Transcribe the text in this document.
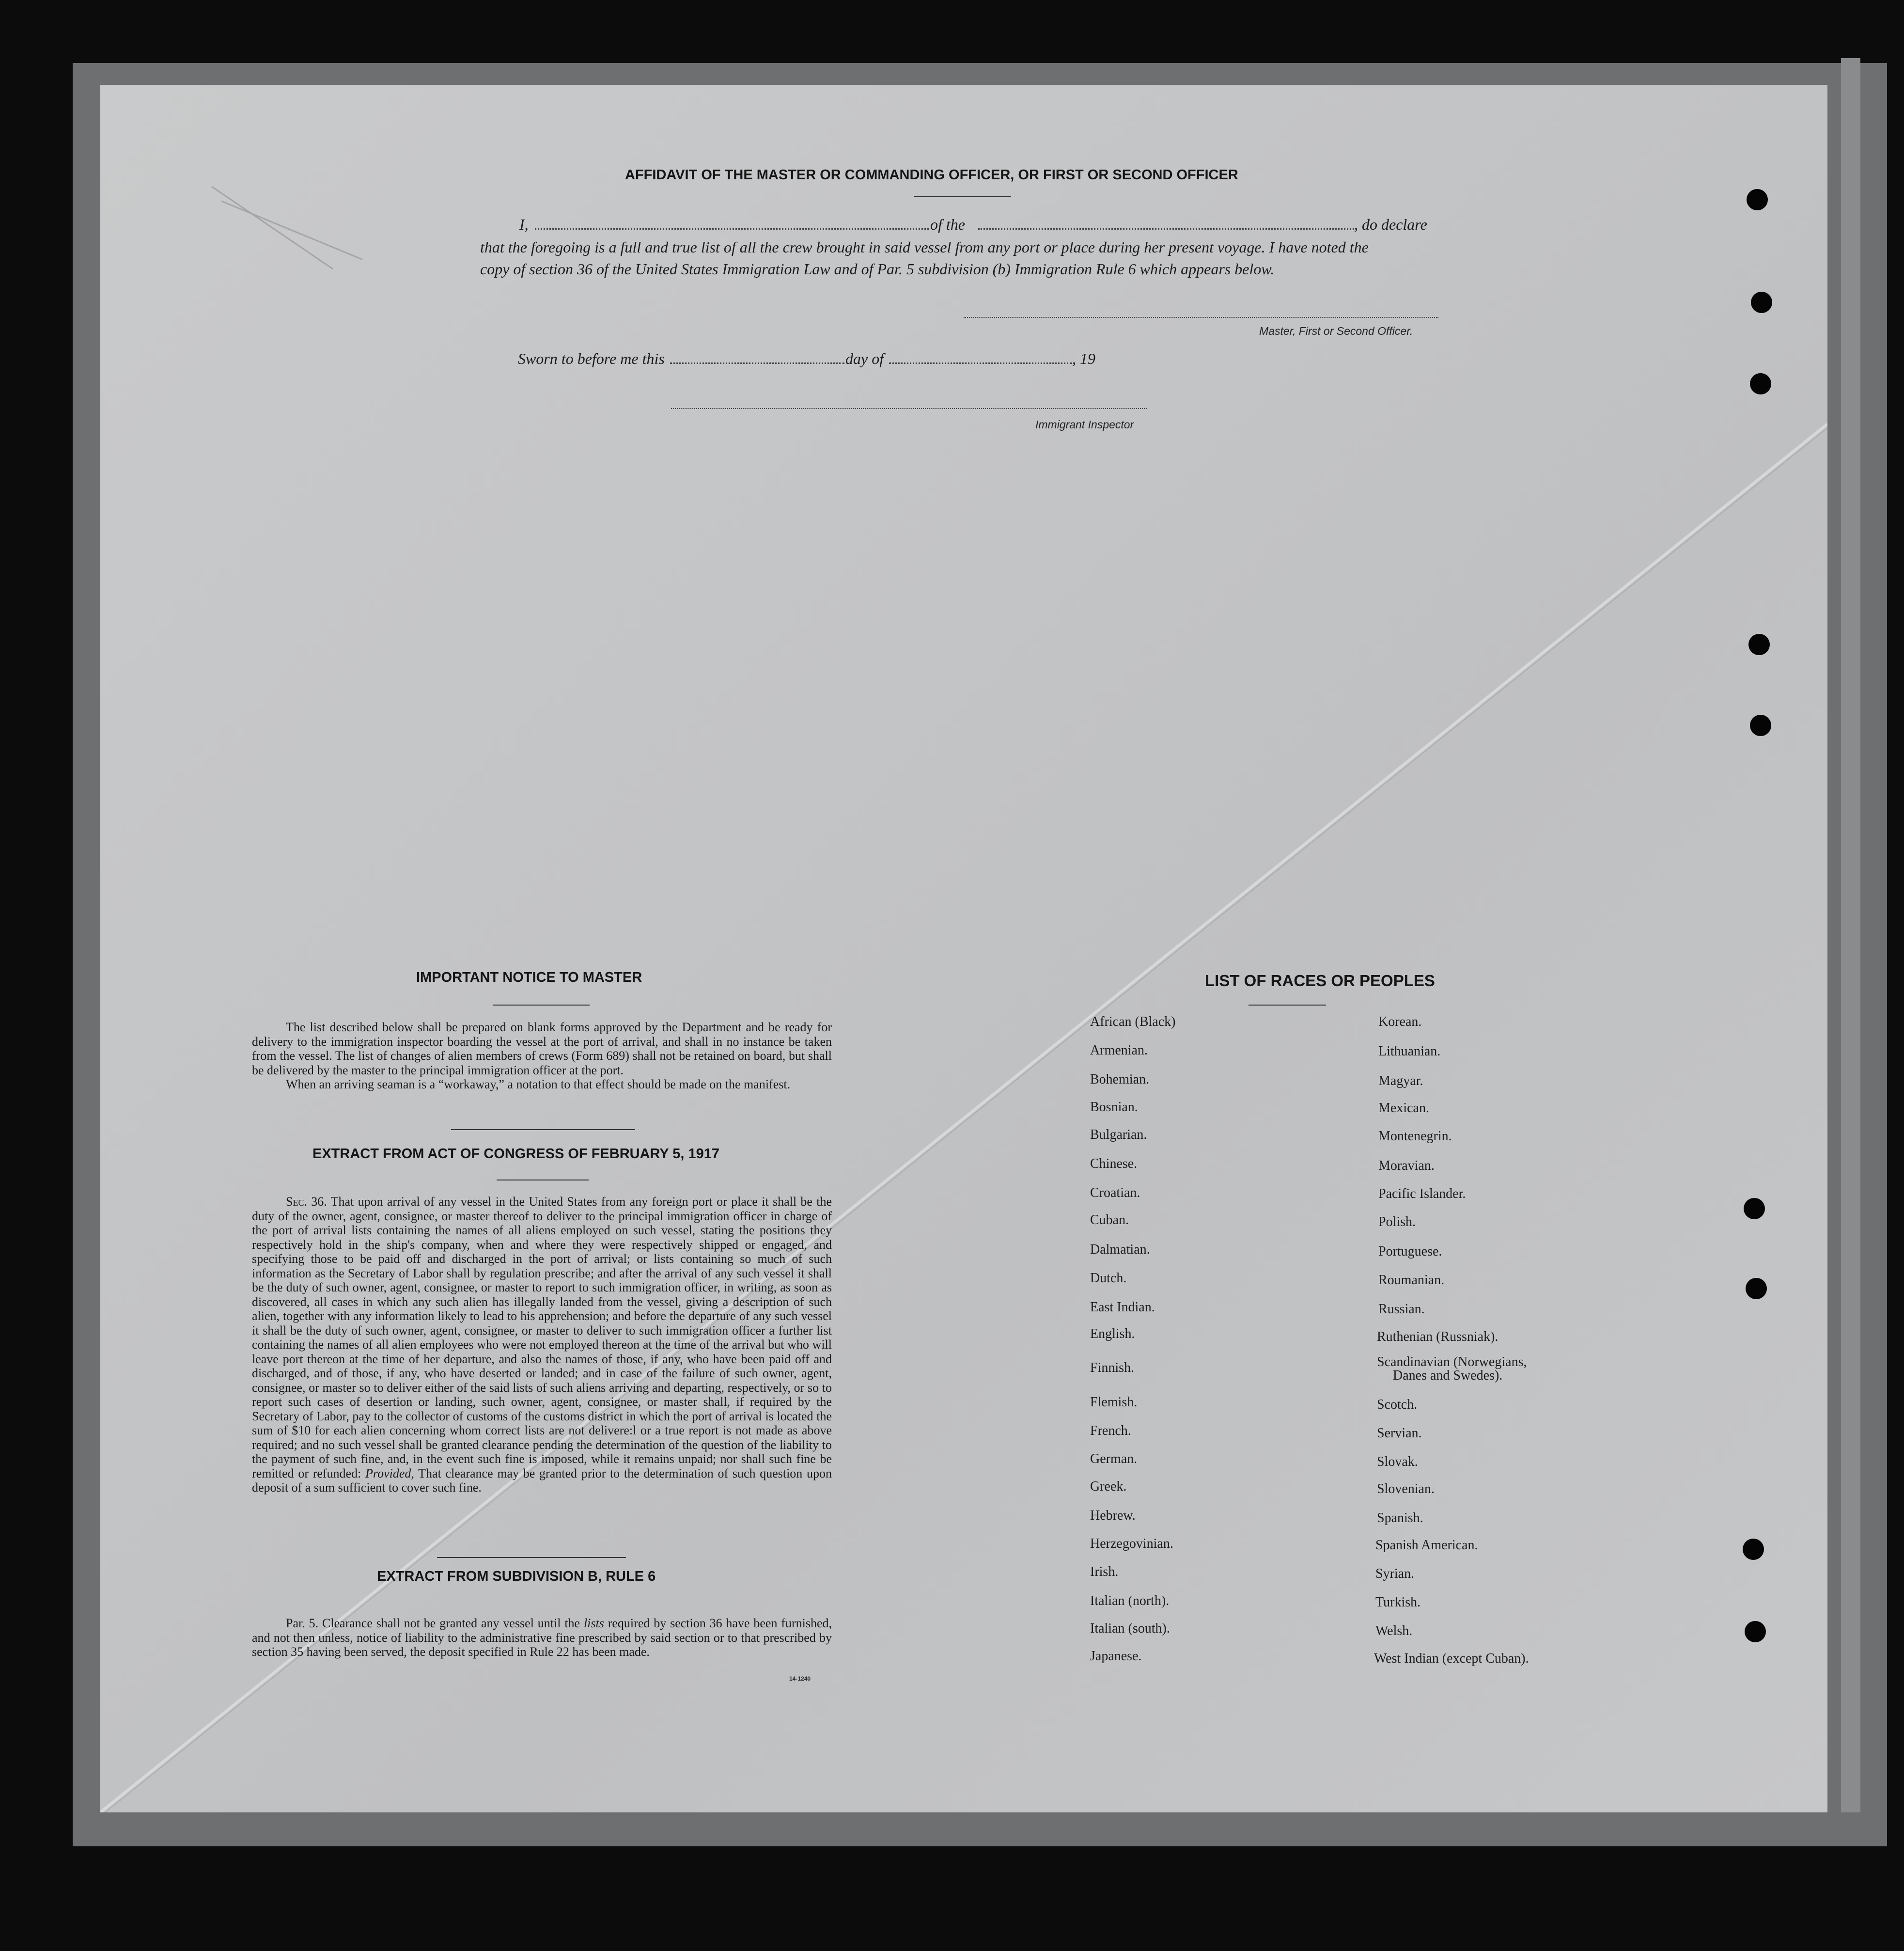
AFFIDAVIT OF THE MASTER OR COMMANDING OFFICER, OR FIRST OR SECOND OFFICER
I,	of the	, do declare
that the foregoing is a full and true list of all the crew brought in said vessel from any port or place during her present voyage. I have noted the
copy of section 36 of the United States Immigration Law and of Par. 5 subdivision (b) Immigration Rule 6 which appears below.
Master, First or Second Officer.
Sworn to before me this	day of	, 19
Immigrant Inspector
IMPORTANT NOTICE TO MASTER

The list described below shall be prepared on blank forms approved by the Department and be ready for delivery to the immigration inspector boarding the vessel at the port of arrival, and shall in no instance be taken from the vessel. The list of changes of alien members of crews (Form 689) shall not be retained on board, but shall be delivered by the master to the principal immigration officer at the port.

When an arriving seaman is a “workaway,” a notation to that effect should be made on the manifest.

EXTRACT FROM ACT OF CONGRESS OF FEBRUARY 5, 1917

Sec. 36. That upon arrival of any vessel in the United States from any foreign port or place it shall be the duty of the owner, agent, consignee, or master thereof to deliver to the principal immigration officer in charge of the port of arrival lists containing the names of all aliens employed on such vessel, stating the positions they respectively hold in the ship's company, when and where they were respectively shipped or engaged, and specifying those to be paid off and discharged in the port of arrival; or lists containing so much of such information as the Secretary of Labor shall by regulation prescribe; and after the arrival of any such vessel it shall be the duty of such owner, agent, consignee, or master to report to such immigration officer, in writing, as soon as discovered, all cases in which any such alien has illegally landed from the vessel, giving a description of such alien, together with any information likely to lead to his apprehension; and before the departure of any such vessel it shall be the duty of such owner, agent, consignee, or master to deliver to such immigration officer a further list containing the names of all alien employees who were not employed thereon at the time of the arrival but who will leave port thereon at the time of her departure, and also the names of those, if any, who have been paid off and discharged, and of those, if any, who have deserted or landed; and in case of the failure of such owner, agent, consignee, or master so to deliver either of the said lists of such aliens arriving and departing, respectively, or so to report such cases of desertion or landing, such owner, agent, consignee, or master shall, if required by the Secretary of Labor, pay to the collector of customs of the customs district in which the port of arrival is located the sum of $10 for each alien concerning whom correct lists are not delivere:l or a true report is not made as above required; and no such vessel shall be granted clearance pending the determination of the question of the liability to the payment of such fine, and, in the event such fine is imposed, while it remains unpaid; nor shall such fine be remitted or refunded: Provided, That clearance may be granted prior to the determination of such question upon deposit of a sum sufficient to cover such fine.

EXTRACT FROM SUBDIVISION B, RULE 6

Par. 5. Clearance shall not be granted any vessel until the lists required by section 36 have been furnished, and not then unless, notice of liability to the administrative fine prescribed by said section or to that prescribed by section 35 having been served, the deposit specified in Rule 22 has been made.

14-1240
LIST OF RACES OR PEOPLES
African (Black)
Armenian.
Bohemian.
Bosnian.
Bulgarian.
Chinese.
Croatian.
Cuban.
Dalmatian.
Dutch.
East Indian.
English.
Finnish.
Flemish.
French.
German.
Greek.
Hebrew.
Herzegovinian.
Irish.
Italian (north).
Italian (south).
Japanese.
Korean.
Lithuanian.
Magyar.
Mexican.
Montenegrin.
Moravian.
Pacific Islander.
Polish.
Portuguese.
Roumanian.
Russian.
Ruthenian (Russniak).
Scandinavian (Norwegians,
Danes and Swedes).
Scotch.
Servian.
Slovak.
Slovenian.
Spanish.
Spanish American.
Syrian.
Turkish.
Welsh.
West Indian (except Cuban).
